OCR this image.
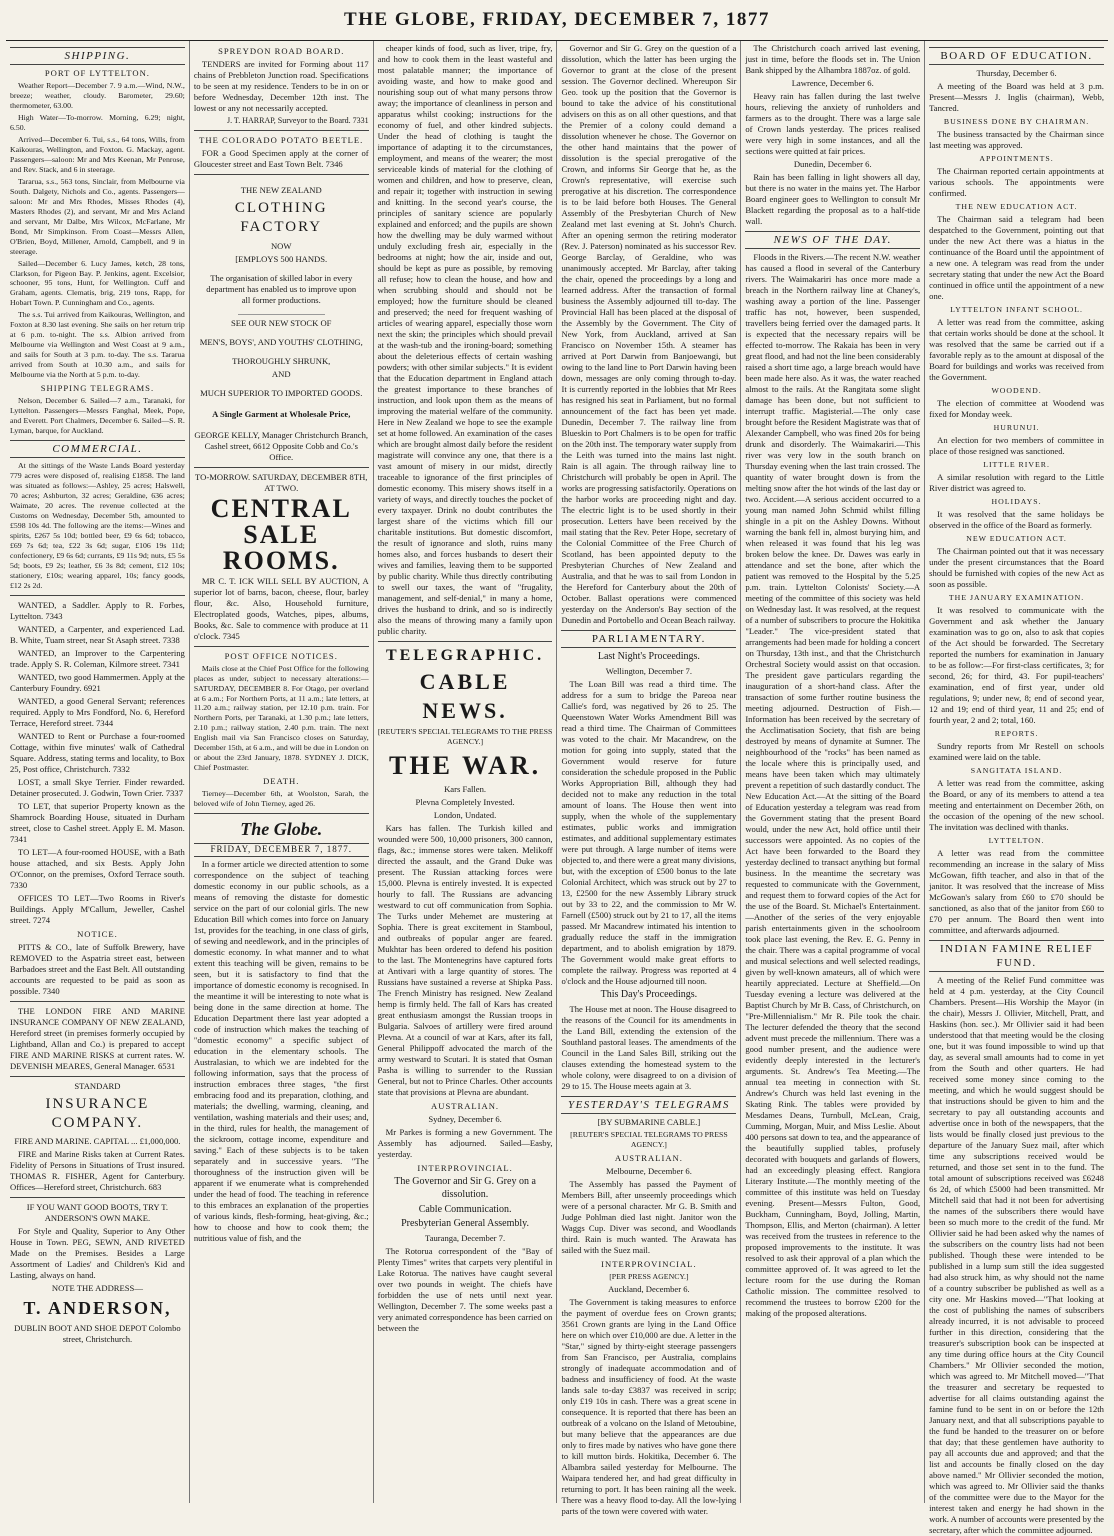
THE GLOBE, FRIDAY, DECEMBER 7, 1877
SHIPPING.
PORT OF LYTTELTON.

Weather Report—December 7. 9 a.m.—Wind, N.W., breeze; weather, cloudy. Barometer, 29.60; thermometer, 63.00.

High Water—To-morrow. Morning, 6.29; night, 6.50.

Arrived—December 6. Tui, s.s., 64 tons, Wills, from Kaikouras, Wellington, and Foxton. G. Mackay, agent. Passengers—saloon: Mr and Mrs Keenan, Mr Penrose, and Rev. Stack, and 6 in steerage.

Tararua, s.s., 563 tons, Sinclair, from Melbourne via South. Dalgety, Nichols and Co., agents. Passengers—saloon: Mr and Mrs Rhodes, Misses Rhodes (4), Masters Rhodes (2), and servant, Mr and Mrs Acland and servant, Mr Dalbe, Mrs Wilcox, McFarlane, Mr Bond, Mr Simpkinson. From Coast—Messrs Allen, O'Brien, Boyd, Millener, Arnold, Campbell, and 9 in steerage.

Sailed—December 6. Lucy James, ketch, 28 tons, Clarkson, for Pigeon Bay. P. Jenkins, agent. Excelsior, schooner, 95 tons, Hunt, for Wellington. Cuff and Graham, agents. Clematis, brig, 219 tons, Rapp, for Hobart Town. P. Cunningham and Co., agents.

The s.s. Tui arrived from Kaikouras, Wellington, and Foxton at 8.30 last evening. She sails on her return trip at 6 p.m. to-night. The s.s. Albion arrived from Melbourne via Wellington and West Coast at 9 a.m., and sails for South at 3 p.m. to-day. The s.s. Tararua arrived from South at 10.30 a.m., and sails for Melbourne via the North at 5 p.m. to-day.

SHIPPING TELEGRAMS.

Nelson, December 6. Sailed—7 a.m., Taranaki, for Lyttelton. Passengers—Messrs Fanghal, Meek, Pope, and Everett. Port Chalmers, December 6. Sailed—S. R. Lyman, barque, for Auckland.

COMMERCIAL.

At the sittings of the Waste Lands Board yesterday 779 acres were disposed of, realising £1858. The land was situated as follows:—Ashley, 25 acres; Halswell, 70 acres; Ashburton, 32 acres; Geraldine, 636 acres; Waimate, 20 acres. The revenue collected at the Customs on Wednesday, December 5th, amounted to £598 10s 4d. The following are the items:—Wines and spirits, £267 5s 10d; bottled beer, £9 6s 6d; tobacco, £69 7s 6d; tea, £22 3s 6d; sugar, £106 19s 11d; confectionery, £9 6s 6d; currants, £9 11s 9d; nuts, £5 5s 5d; boots, £9 2s; leather, £6 3s 8d; cement, £12 10s; stationery, £10s; wearing apparel, 10s; fancy goods, £12 2s 2d.

WANTED, a Saddler. Apply to R. Forbes, Lyttelton. 7343

WANTED, a Carpenter, and experienced Lad. B. White, Tuam street, near St Asaph street. 7338

WANTED, an Improver to the Carpentering trade. Apply S. R. Coleman, Kilmore street. 7341

WANTED, two good Hammermen. Apply at the Canterbury Foundry. 6921

WANTED, a good General Servant; references required. Apply to Mrs Fondford, No. 6, Hereford Terrace, Hereford street. 7344

WANTED to Rent or Purchase a four-roomed Cottage, within five minutes' walk of Cathedral Square. Address, stating terms and locality, to Box 25, Post office, Christchurch. 7332

LOST, a small Skye Terrier. Finder rewarded. Detainer prosecuted. J. Godwin, Town Crier. 7337

TO LET, that superior Property known as the Shamrock Boarding House, situated in Durham street, close to Cashel street. Apply E. M. Mason. 7341

TO LET—A four-roomed HOUSE, with a Bath house attached, and six Bests. Apply John O'Connor, on the premises, Oxford Terrace south. 7330

OFFICES TO LET—Two Rooms in River's Buildings. Apply M'Callum, Jeweller, Cashel street. 7274

NOTICE.

PITTS & CO., late of Suffolk Brewery, have REMOVED to the Aspatria street east, between Barbadoes street and the East Belt. All outstanding accounts are requested to be paid as soon as possible. 7340

THE LONDON FIRE AND MARINE INSURANCE COMPANY OF NEW ZEALAND, Hereford street (in premises formerly occupied by Lightband, Allan and Co.) is prepared to accept FIRE AND MARINE RISKS at current rates. W. DEVENISH MEARES, General Manager. 6531

STANDARD
INSURANCE COMPANY.
FIRE AND MARINE. CAPITAL ... £1,000,000.

FIRE and Marine Risks taken at Current Rates. Fidelity of Persons in Situations of Trust insured. THOMAS R. FISHER, Agent for Canterbury. Offices—Hereford street, Christchurch. 683

IF YOU WANT GOOD BOOTS, TRY T. ANDERSON'S OWN MAKE.

For Style and Quality, Superior to Any Other House in Town. PEG, SEWN, AND RIVETED Made on the Premises. Besides a Large Assortment of Ladies' and Children's Kid and Lasting, always on hand.

NOTE THE ADDRESS—
T. ANDERSON,
DUBLIN BOOT AND SHOE DEPOT Colombo street, Christchurch.
SPREYDON ROAD BOARD.

TENDERS are invited for Forming about 117 chains of Prebbleton Junction road. Specifications to be seen at my residence. Tenders to be in on or before Wednesday, December 12th inst. The lowest or any not necessarily accepted.

J. T. HARRAP, Surveyor to the Board. 7331
THE COLORADO POTATO BEETLE.

FOR a Good Specimen apply at the corner of Gloucester street and East Town Belt. 7346

THE NEW ZEALAND
CLOTHING FACTORY
NOW
[EMPLOYS 500 HANDS.

The organisation of skilled labor in every department has enabled us to improve upon all former productions.

SEE OUR NEW STOCK OF
MEN'S, BOYS', AND YOUTHS' CLOTHING,
THOROUGHLY SHRUNK,
AND
MUCH SUPERIOR TO IMPORTED GOODS.
A Single Garment at Wholesale Price,
GEORGE KELLY, Manager Christchurch Branch, Cashel street, 6612 Opposite Cobb and Co.'s Office.
TO-MORROW. SATURDAY, DECEMBER 8TH, AT TWO.
CENTRAL SALE ROOMS.

MR C. T. ICK WILL SELL BY AUCTION, A superior lot of barns, bacon, cheese, flour, barley flour, &c. Also, Household furniture, Electroplated goods, Watches, pipes, albums, Books, &c. Sale to commence with produce at 11 o'clock. 7345

POST OFFICE NOTICES.

Mails close at the Chief Post Office for the following places as under, subject to necessary alterations:— SATURDAY, DECEMBER 8. For Otago, per overland at 6 a.m.; For Northern Ports, at 11 a.m.; late letters, at 11.20 a.m.; railway station, per 12.10 p.m. train. For Northern Ports, per Taranaki, at 1.30 p.m.; late letters, 2.10 p.m.; railway station, 2.40 p.m. train. The next English mail via San Francisco closes on Saturday, December 15th, at 6 a.m., and will be due in London on or about the 23rd January, 1878. SYDNEY J. DICK, Chief Postmaster.

DEATH.

Tierney—December 6th, at Woolston, Sarah, the beloved wife of John Tierney, aged 26.

The Globe.
FRIDAY, DECEMBER 7, 1877.

In a former article we directed attention to some correspondence on the subject of teaching domestic economy in our public schools, as a means of removing the distaste for domestic service on the part of our colonial girls. The new Education Bill which comes into force on January 1st, provides for the teaching, in one class of girls, of sewing and needlework, and in the principles of domestic economy. In what manner and to what extent this teaching will be given, remains to be seen, but it is satisfactory to find that the importance of domestic economy is recognised. In the meantime it will be interesting to note what is being done in the same direction at home. The Education Department there last year adopted a code of instruction which makes the teaching of "domestic economy" a specific subject of education in the elementary schools. The Australasian, to which we are indebted for the following information, says that the process of instruction embraces three stages, "the first embracing food and its preparation, clothing, and materials; the dwelling, warming, cleaning, and ventilation, washing materials and their uses; and, in the third, rules for health, the management of the sickroom, cottage income, expenditure and saving." Each of these subjects is to be taken separately and in successive years. "The thoroughness of the instruction given will be apparent if we enumerate what is comprehended under the head of food. The teaching in reference to this embraces an explanation of the properties of various kinds, flesh-forming, heat-giving, &c.; how to choose and how to cook them; the nutritious value of fish, and the

cheaper kinds of food, such as liver, tripe, fry, and how to cook them in the least wasteful and most palatable manner; the importance of avoiding waste, and how to make good and nourishing soup out of what many persons throw away; the importance of cleanliness in person and apparatus whilst cooking; instructions for the economy of fuel, and other kindred subjects. Under the head of clothing is taught the importance of adapting it to the circumstances, employment, and means of the wearer; the most serviceable kinds of material for the clothing of women and children, and how to preserve, clean, and repair it; together with instruction in sewing and knitting. In the second year's course, the principles of sanitary science are popularly explained and enforced; and the pupils are shown how the dwelling may be duly warmed without unduly excluding fresh air, especially in the bedrooms at night; how the air, inside and out, should be kept as pure as possible, by removing all refuse; how to clean the house, and how and when scrubbing should and should not be employed; how the furniture should be cleaned and preserved; the need for frequent washing of articles of wearing apparel, especially those worn next the skin; the principles which should prevail at the wash-tub and the ironing-board; something about the deleterious effects of certain washing powders; with other similar subjects." It is evident that the Education department in England attach the greatest importance to these branches of instruction, and look upon them as the means of improving the material welfare of the community. Here in New Zealand we hope to see the example set at home followed. An examination of the cases which are brought almost daily before the resident magistrate will convince any one, that there is a vast amount of misery in our midst, directly traceable to ignorance of the first principles of domestic economy. This misery shows itself in a variety of ways, and directly touches the pocket of every taxpayer. Drink no doubt contributes the largest share of the victims which fill our charitable institutions. But domestic discomfort, the result of ignorance and sloth, ruins many homes also, and forces husbands to desert their wives and families, leaving them to be supported by public charity. While thus directly contributing to swell our taxes, the want of "frugality, management, and self-denial," in many a home, drives the husband to drink, and so is indirectly also the means of throwing many a family upon public charity.

TELEGRAPHIC.
CABLE NEWS.
[REUTER'S SPECIAL TELEGRAMS TO THE PRESS AGENCY.]
THE WAR.
Kars Fallen.
Plevna Completely Invested.
London, Undated.

Kars has fallen. The Turkish killed and wounded were 500, 10,000 prisoners, 300 cannon, flags, &c.; immense stores were taken. Melikoff directed the assault, and the Grand Duke was present. The Russian attacking forces were 15,000. Plevna is entirely invested. It is expected hourly to fall. The Russians are advancing westward to cut off communication from Sophia. The Turks under Mehemet are mustering at Sophia. There is great excitement in Stamboul, and outbreaks of popular anger are feared. Mukhtar has been ordered to defend his position to the last. The Montenegrins have captured forts at Antivari with a large quantity of stores. The Russians have sustained a reverse at Shipka Pass. The French Ministry has resigned. New Zealand hemp is firmly held. The fall of Kars has created great enthusiasm amongst the Russian troops in Bulgaria. Salvoes of artillery were fired around Plevna. At a council of war at Kars, after its fall, General Philippoff advocated the march of the army westward to Scutari. It is stated that Osman Pasha is willing to surrender to the Russian General, but not to Prince Charles. Other accounts state that provisions at Plevna are abundant.

AUSTRALIAN.
Sydney, December 6.

Mr Parkes is forming a new Government. The Assembly has adjourned. Sailed—Easby, yesterday.

INTERPROVINCIAL.
The Governor and Sir G. Grey on a dissolution.
Cable Communication.
Presbyterian General Assembly.
Tauranga, December 7.

The Rotorua correspondent of the "Bay of Plenty Times" writes that carpets very plentiful in Lake Rotorua. The natives have caught several over two pounds in weight. The chiefs have forbidden the use of nets until next year. Wellington, December 7. The some weeks past a very animated correspondence has been carried on between the

Governor and Sir G. Grey on the question of a dissolution, which the latter has been urging the Governor to grant at the close of the present session. The Governor declined. Whereupon Sir Geo. took up the position that the Governor is bound to take the advice of his constitutional advisers on this as on all other questions, and that the Premier of a colony could demand a dissolution whenever he chose. The Governor on the other hand maintains that the power of dissolution is the special prerogative of the Crown, and informs Sir George that he, as the Crown's representative, will exercise such prerogative at his discretion. The correspondence is to be laid before both Houses. The General Assembly of the Presbyterian Church of New Zealand met last evening at St. John's Church. After an opening sermon the retiring moderator (Rev. J. Paterson) nominated as his successor Rev. George Barclay, of Geraldine, who was unanimously accepted. Mr Barclay, after taking the chair, opened the proceedings by a long and learned address. After the transaction of formal business the Assembly adjourned till to-day. The Provincial Hall has been placed at the disposal of the Assembly by the Government. The City of New York, from Auckland, arrived at San Francisco on November 15th. A steamer has arrived at Port Darwin from Banjoewangi, but owing to the land line to Port Darwin having been down, messages are only coming through to-day. It is currently reported in the lobbies that Mr Rees has resigned his seat in Parliament, but no formal announcement of the fact has been yet made. Dunedin, December 7. The railway line from Blueskin to Port Chalmers is to be open for traffic on the 20th inst. The temporary water supply from the Leith was turned into the mains last night. Rain is all again. The through railway line to Christchurch will probably be open in April. The works are progressing satisfactorily. Operations on the harbor works are proceeding night and day. The electric light is to be used shortly in their prosecution. Letters have been received by the mail stating that the Rev. Peter Hope, secretary of the Colonial Committee of the Free Church of Scotland, has been appointed deputy to the Presbyterian Churches of New Zealand and Australia, and that he was to sail from London in the Hereford for Canterbury about the 20th of October. Ballast operations were commenced yesterday on the Anderson's Bay section of the Dunedin and Portobello and Ocean Beach railway.

PARLIAMENTARY.
Last Night's Proceedings.
Wellington, December 7.

The Loan Bill was read a third time. The address for a sum to bridge the Pareoa near Callie's ford, was negatived by 26 to 25. The Queenstown Water Works Amendment Bill was read a third time. The Chairman of Committees was voted to the chair. Mr Macandrew, on the motion for going into supply, stated that the Government would reserve for future consideration the schedule proposed in the Public Works Appropriation Bill, although they had decided not to make any reduction in the total amount of loans. The House then went into supply, when the whole of the supplementary estimates, public works and immigration estimates, and additional supplementary estimates were put through. A large number of items were objected to, and there were a great many divisions, but, with the exception of £500 bonus to the late Colonial Architect, which was struck out by 27 to 13, £2500 for the new Assembly Library struck out by 33 to 22, and the commission to Mr W. Farnell (£500) struck out by 21 to 17, all the items passed. Mr Macandrew intimated his intention to gradually reduce the staff in the immigration department, and to abolish emigration by 1879. The Government would make great efforts to complete the railway. Progress was reported at 4 o'clock and the House adjourned till noon.

This Day's Proceedings.

The House met at noon. The House disagreed to the reasons of the Council for its amendments in the Land Bill, extending the extension of the Southland pastoral leases. The amendments of the Council in the Land Sales Bill, striking out the clauses extending the homestead system to the whole colony, were disagreed to on a division of 29 to 15. The House meets again at 3.

YESTERDAY'S TELEGRAMS
[BY SUBMARINE CABLE.]
[REUTER'S SPECIAL TELEGRAMS TO PRESS AGENCY.]
AUSTRALIAN.
Melbourne, December 6.

The Assembly has passed the Payment of Members Bill, after unseemly proceedings which were of a personal character. Mr G. B. Smith and Judge Pohlman died last night. Janitor won the Waggs Cup. Diver was second, and Woodlands third. Rain is much wanted. The Arawata has sailed with the Suez mail.

INTERPROVINCIAL.
[PER PRESS AGENCY.]
Auckland, December 6.

The Government is taking measures to enforce the payment of overdue fees on Crown grants; 3561 Crown grants are lying in the Land Office here on which over £10,000 are due. A letter in the "Star," signed by thirty-eight steerage passengers from San Francisco, per Australia, complains strongly of inadequate accommodation and of badness and insufficiency of food. At the waste lands sale to-day £3837 was received in scrip; only £19 10s in cash. There was a great scene in consequence. It is reported that there has been an outbreak of a volcano on the Island of Metoubine, but many believe that the appearances are due only to fires made by natives who have gone there to kill mutton birds. Hokitika, December 6. The Albambra sailed yesterday for Melbourne. The Waipara tendered her, and had great difficulty in returning to port. It has been raining all the week. There was a heavy flood to-day. All the low-lying parts of the town were covered with water.

The Christchurch coach arrived last evening, just in time, before the floods set in. The Union Bank shipped by the Alhambra 1887oz. of gold.

Lawrence, December 6.

Heavy rain has fallen during the last twelve hours, relieving the anxiety of runholders and farmers as to the drought. There was a large sale of Crown lands yesterday. The prices realised were very high in some instances, and all the sections were quitted at fair prices.

Dunedin, December 6.

Rain has been falling in light showers all day, but there is no water in the mains yet. The Harbor Board engineer goes to Wellington to consult Mr Blackett regarding the proposal as to a half-tide wall.

NEWS OF THE DAY.

Floods in the Rivers.—The recent N.W. weather has caused a flood in several of the Canterbury rivers. The Waimakariri has once more made a breach in the Northern railway line at Chaney's, washing away a portion of the line. Passenger traffic has not, however, been suspended, travellers being ferried over the damaged parts. It is expected that the necessary repairs will be effected to-morrow. The Rakaia has been in very great flood, and had not the line been considerably raised a short time ago, a large breach would have been made here also. As it was, the water reached almost to the rails. At the Rangitata some slight damage has been done, but not sufficient to interrupt traffic. Magisterial.—The only case brought before the Resident Magistrate was that of Alexander Campbell, who was fined 20s for being drunk and disorderly. The Waimakariri.—This river was very low in the south branch on Thursday evening when the last train crossed. The quantity of water brought down is from the melting snow after the hot winds of the last day or two. Accident.—A serious accident occurred to a young man named John Schmid whilst filling shingle in a pit on the Ashley Downs. Without warning the bank fell in, almost burying him, and when released it was found that his leg was broken below the knee. Dr. Dawes was early in attendance and set the bone, after which the patient was removed to the Hospital by the 5.25 p.m. train. Lyttelton Colonists' Society.—A meeting of the committee of this society was held on Wednesday last. It was resolved, at the request of a number of subscribers to procure the Hokitika "Leader." The vice-president stated that arrangements had been made for holding a concert on Thursday, 13th inst., and that the Christchurch Orchestral Society would assist on that occasion. The president gave particulars regarding the inauguration of a short-hand class. After the transaction of some further routine business the meeting adjourned. Destruction of Fish.—Information has been received by the secretary of the Acclimatisation Society, that fish are being destroyed by means of dynamite at Sumner. The neighbourhood of the "rocks" has been named as the locale where this is principally used, and means have been taken which may ultimately prevent a repetition of such dastardly conduct. The New Education Act.—At the sitting of the Board of Education yesterday a telegram was read from the Government stating that the present Board would, under the new Act, hold office until their successors were appointed. As no copies of the Act have been forwarded to the Board they yesterday declined to transact anything but formal business. In the meantime the secretary was requested to communicate with the Government, and request them to forward copies of the Act for the use of the Board. St. Michael's Entertainment.—Another of the series of the very enjoyable parish entertainments given in the schoolroom took place last evening, the Rev. E. G. Penny in the chair. There was a capital programme of vocal and musical selections and well selected readings, given by well-known amateurs, all of which were heartily appreciated. Lecture at Sheffield.—On Tuesday evening a lecture was delivered at the Baptist Church by Mr B. Cass, of Christchurch, on "Pre-Millennialism." Mr R. Pile took the chair. The lecturer defended the theory that the second advent must precede the millennium. There was a good number present, and the audience were evidently deeply interested in the lecturer's arguments. St. Andrew's Tea Meeting.—The annual tea meeting in connection with St. Andrew's Church was held last evening in the Skating Rink. The tables were provided by Mesdames Deans, Turnbull, McLean, Craig, Cumming, Morgan, Muir, and Miss Leslie. About 400 persons sat down to tea, and the appearance of the beautifully supplied tables, profusely decorated with bouquets and garlands of flowers, had an exceedingly pleasing effect. Rangiora Literary Institute.—The monthly meeting of the committee of this institute was held on Tuesday evening. Present—Messrs Fulton, Good, Buckham, Cunningham, Boyd, Jolling, Martin, Thompson, Ellis, and Merton (chairman). A letter was received from the trustees in reference to the proposed improvements to the institute. It was resolved to ask their approval of a plan which the committee approved of. It was agreed to let the lecture room for the use during the Roman Catholic mission. The committee resolved to recommend the trustees to borrow £200 for the making of the proposed alterations.

BOARD OF EDUCATION.
Thursday, December 6.

A meeting of the Board was held at 3 p.m. Present—Messrs J. Inglis (chairman), Webb, Tancred.

BUSINESS DONE BY CHAIRMAN.

The business transacted by the Chairman since last meeting was approved.

APPOINTMENTS.

The Chairman reported certain appointments at various schools. The appointments were confirmed.

THE NEW EDUCATION ACT.

The Chairman said a telegram had been despatched to the Government, pointing out that under the new Act there was a hiatus in the continuance of the Board until the appointment of a new one. A telegram was read from the under secretary stating that under the new Act the Board continued in office until the appointment of a new one.

LYTTELTON INFANT SCHOOL.

A letter was read from the committee, asking that certain works should be done at the school. It was resolved that the same be carried out if a favorable reply as to the amount at disposal of the Board for buildings and works was received from the Government.

WOODEND.

The election of committee at Woodend was fixed for Monday week.

HURUNUI.

An election for two members of committee in place of those resigned was sanctioned.

LITTLE RIVER.

A similar resolution with regard to the Little River district was agreed to.

HOLIDAYS.

It was resolved that the same holidays be observed in the office of the Board as formerly.

NEW EDUCATION ACT.

The Chairman pointed out that it was necessary under the present circumstances that the Board should be furnished with copies of the new Act as soon as possible.

THE JANUARY EXAMINATION.

It was resolved to communicate with the Government and ask whether the January examination was to go on, also to ask that copies of the Act should be forwarded. The Secretary reported the numbers for examination in January to be as follow:—For first-class certificates, 3; for second, 26; for third, 43. For pupil-teachers' examination, end of first year, under old regulations, 9; under new, 8; end of second year, 12 and 19; end of third year, 11 and 25; end of fourth year, 2 and 2; total, 160.

REPORTS.

Sundry reports from Mr Restell on schools examined were laid on the table.

SANGITATA ISLAND.

A letter was read from the committee, asking the Board, or any of its members to attend a tea meeting and entertainment on December 26th, on the occasion of the opening of the new school. The invitation was declined with thanks.

LYTTELTON.

A letter was read from the committee recommending an increase in the salary of Miss McGowan, fifth teacher, and also in that of the janitor. It was resolved that the increase of Miss McGowan's salary from £60 to £70 should be sanctioned, as also that of the janitor from £60 to £70 per annum. The Board then went into committee, and afterwards adjourned.

INDIAN FAMINE RELIEF FUND.

A meeting of the Relief Fund committee was held at 4 p.m. yesterday, at the City Council Chambers. Present—His Worship the Mayor (in the chair), Messrs J. Ollivier, Mitchell, Pratt, and Haskins (hon. sec.). Mr Ollivier said it had been understood that that meeting would be the closing one, but it was found impossible to wind up that day, as several small amounts had to come in yet from the South and other quarters. He had received some money since coming to the meeting, and which he would suggest should be that instructions should be given to him and the secretary to pay all outstanding accounts and advertise once in both of the newspapers, that the lists would be finally closed just previous to the departure of the January Suez mail, after which time any subscriptions received would be returned, and those set sent in to the fund. The total amount of subscriptions received was £6248 6s 2d, of which £5000 had been transmitted. Mr Mitchell said that had it not been for advertising the names of the subscribers there would have been so much more to the credit of the fund. Mr Ollivier said he had been asked why the names of the subscribers on the country lists had not been published. Though these were intended to be published in a lump sum still the idea suggested had also struck him, as why should not the name of a country subscriber be published as well as a city one. Mr Haskins moved—"That looking at the cost of publishing the names of subscribers already incurred, it is not advisable to proceed further in this direction, considering that the treasurer's subscription book can be inspected at any time during office hours at the City Council Chambers." Mr Ollivier seconded the motion, which was agreed to. Mr Mitchell moved—"That the treasurer and secretary be requested to advertise for all claims outstanding against the famine fund to be sent in on or before the 12th January next, and that all subscriptions payable to the fund be handed to the treasurer on or before that day; that these gentlemen have authority to pay all accounts due and approved; and that the list and accounts be finally closed on the day above named." Mr Ollivier seconded the motion, which was agreed to. Mr Ollivier said the thanks of the committee were due to the Mayor for the interest taken and energy he had shown in the work. A number of accounts were presented by the secretary, after which the committee adjourned.
